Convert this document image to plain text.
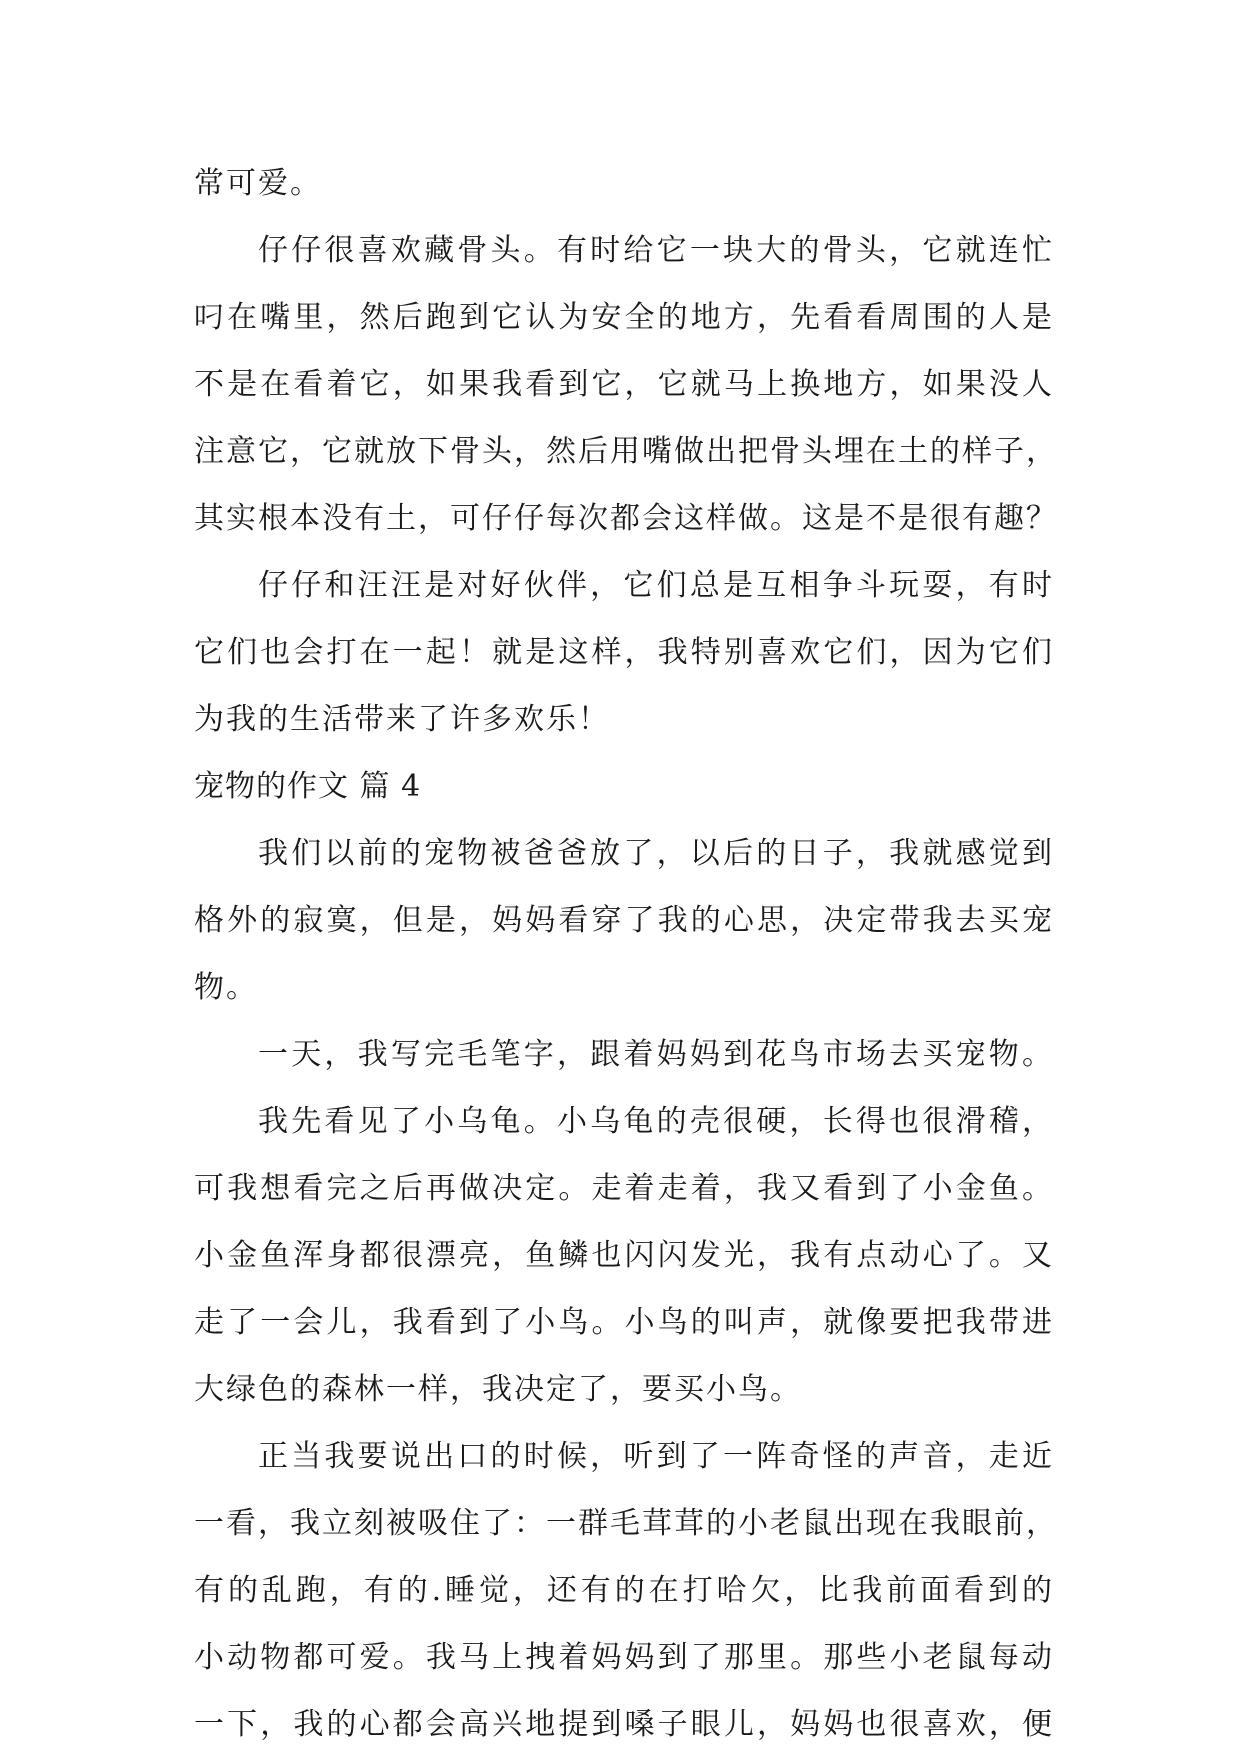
常可爱。
仔仔很喜欢藏骨头。有时给它一块大的骨头，它就连忙
叼在嘴里，然后跑到它认为安全的地方，先看看周围的人是
不是在看着它，如果我看到它，它就马上换地方，如果没人
注意它，它就放下骨头，然后用嘴做出把骨头埋在土的样子，
其实根本没有土，可仔仔每次都会这样做。这是不是很有趣？
仔仔和汪汪是对好伙伴，它们总是互相争斗玩耍，有时
它们也会打在一起！就是这样，我特别喜欢它们，因为它们
为我的生活带来了许多欢乐！
宠物的作文 篇 4
我们以前的宠物被爸爸放了，以后的日子，我就感觉到
格外的寂寞，但是，妈妈看穿了我的心思，决定带我去买宠
物。
一天，我写完毛笔字，跟着妈妈到花鸟市场去买宠物。
我先看见了小乌龟。小乌龟的壳很硬，长得也很滑稽，
可我想看完之后再做决定。走着走着，我又看到了小金鱼。
小金鱼浑身都很漂亮，鱼鳞也闪闪发光，我有点动心了。又
走了一会儿，我看到了小鸟。小鸟的叫声，就像要把我带进
大绿色的森林一样，我决定了，要买小鸟。
正当我要说出口的时候，听到了一阵奇怪的声音，走近
一看，我立刻被吸住了：一群毛茸茸的小老鼠出现在我眼前，
有的乱跑，有的.睡觉，还有的在打哈欠，比我前面看到的
小动物都可爱。我马上拽着妈妈到了那里。那些小老鼠每动
一下，我的心都会高兴地提到嗓子眼儿，妈妈也很喜欢，便
